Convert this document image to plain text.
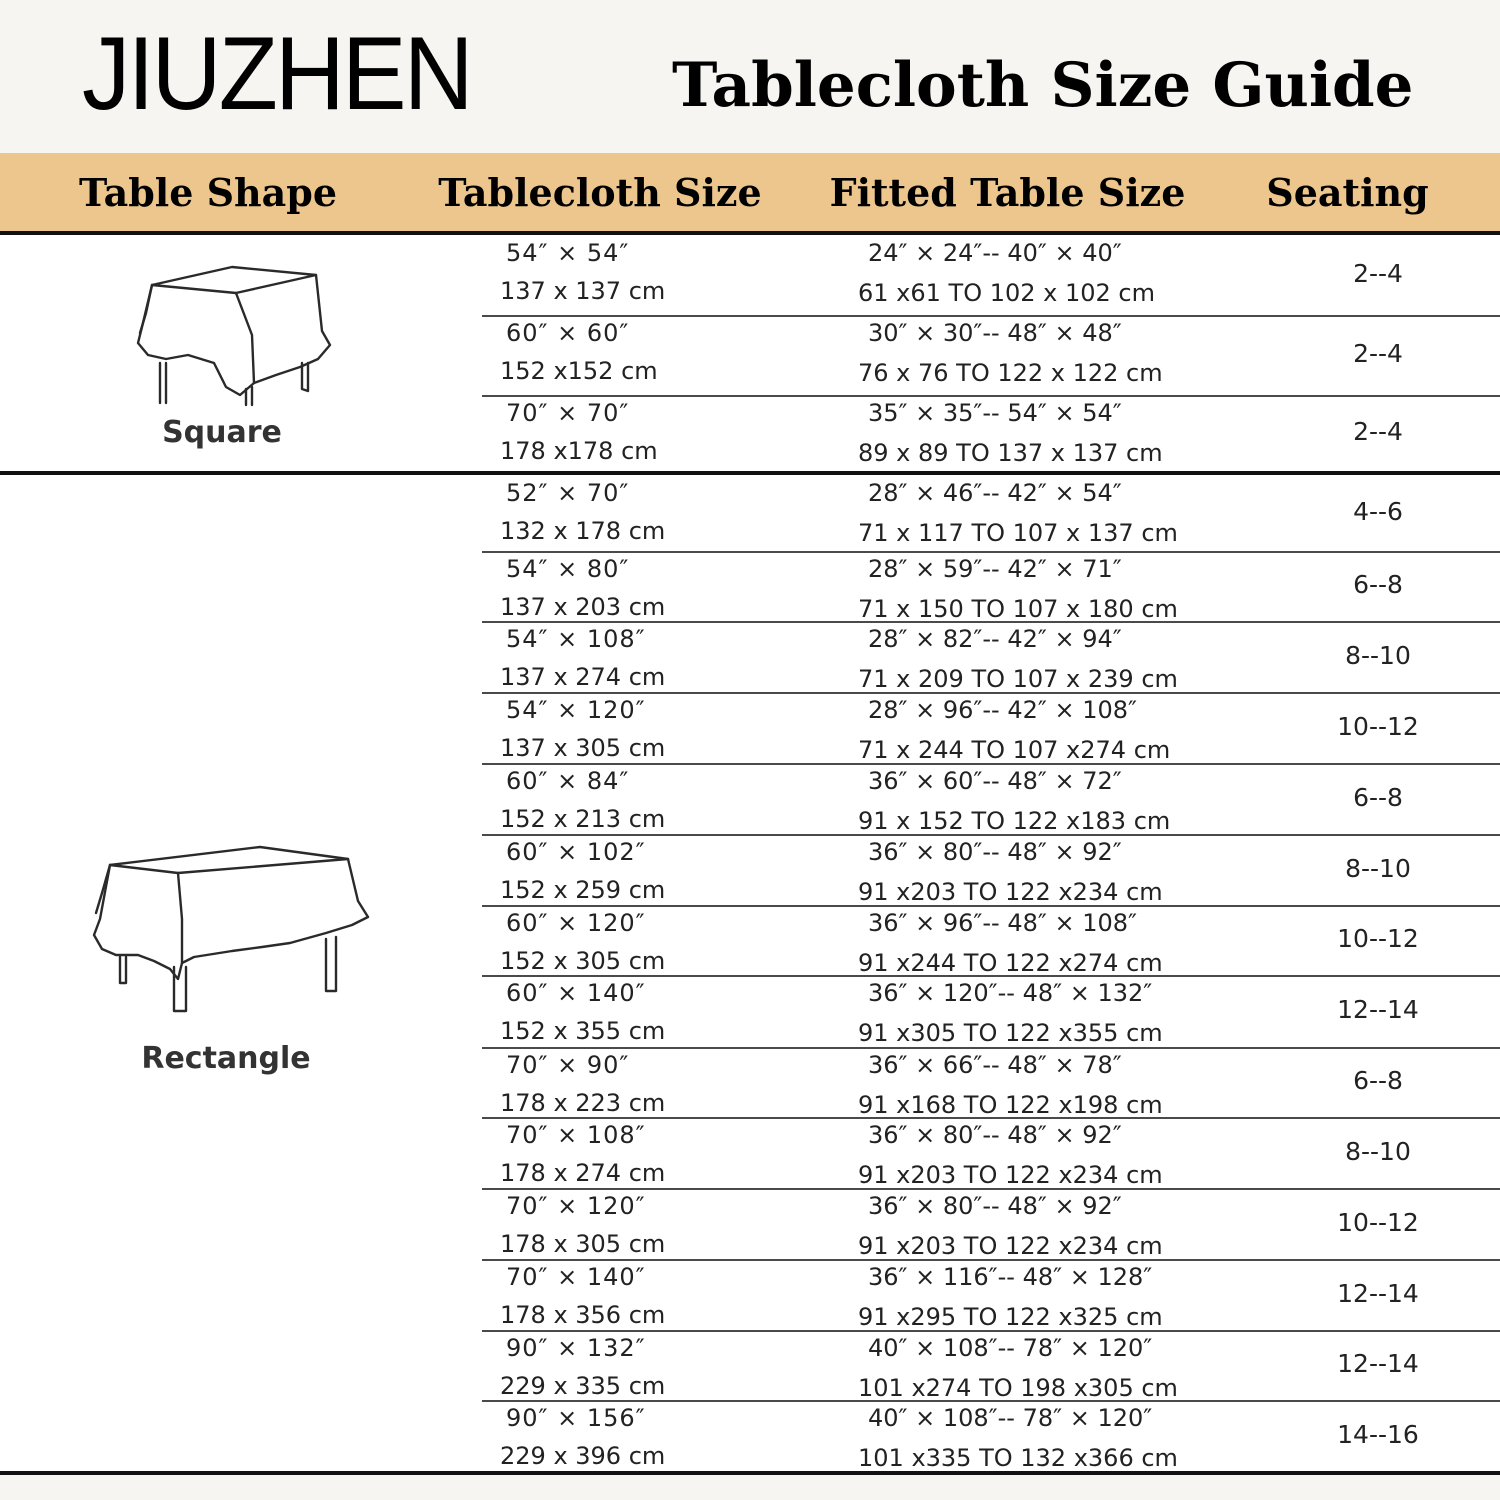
JIUZHEN	Tablecloth Size Guide
Table Shape	Tablecloth Size Fitted Table Size Seating
Square
54″ × 54″
137 x 137 cm
24″ × 24″-- 40″ × 40″
61 x61 TO 102 x 102 cm
2--4
60″ × 60″
152 x152 cm
30″ × 30″-- 48″ × 48″
76 x 76 TO 122 x 122 cm
2--4
70″ × 70″
178 x178 cm
35″ × 35″-- 54″ × 54″
89 x 89 TO 137 x 137 cm
2--4
Rectangle
52″ × 70″
132 x 178 cm
28″ × 46″-- 42″ × 54″
71 x 117 TO 107 x 137 cm
4--6
54″ × 80″
137 x 203 cm
28″ × 59″-- 42″ × 71″
71 x 150 TO 107 x 180 cm
6--8
54″ × 108″
137 x 274 cm
28″ × 82″-- 42″ × 94″
71 x 209 TO 107 x 239 cm
8--10
54″ × 120″
137 x 305 cm
28″ × 96″-- 42″ × 108″
71 x 244 TO 107 x274 cm
10--12
60″ × 84″
152 x 213 cm
36″ × 60″-- 48″ × 72″
91 x 152 TO 122 x183 cm
6--8
60″ × 102″
152 x 259 cm
36″ × 80″-- 48″ × 92″
91 x203 TO 122 x234 cm
8--10
60″ × 120″
152 x 305 cm
36″ × 96″-- 48″ × 108″
91 x244 TO 122 x274 cm
10--12
60″ × 140″
152 x 355 cm
36″ × 120″-- 48″ × 132″
91 x305 TO 122 x355 cm
12--14
70″ × 90″
178 x 223 cm
36″ × 66″-- 48″ × 78″
91 x168 TO 122 x198 cm
6--8
70″ × 108″
178 x 274 cm
36″ × 80″-- 48″ × 92″
91 x203 TO 122 x234 cm
8--10
70″ × 120″
178 x 305 cm
36″ × 80″-- 48″ × 92″
91 x203 TO 122 x234 cm
10--12
70″ × 140″
178 x 356 cm
36″ × 116″-- 48″ × 128″
91 x295 TO 122 x325 cm
12--14
90″ × 132″
229 x 335 cm
40″ × 108″-- 78″ × 120″
101 x274 TO 198 x305 cm
12--14
90″ × 156″
229 x 396 cm
40″ × 108″-- 78″ × 120″
101 x335 TO 132 x366 cm
14--16
